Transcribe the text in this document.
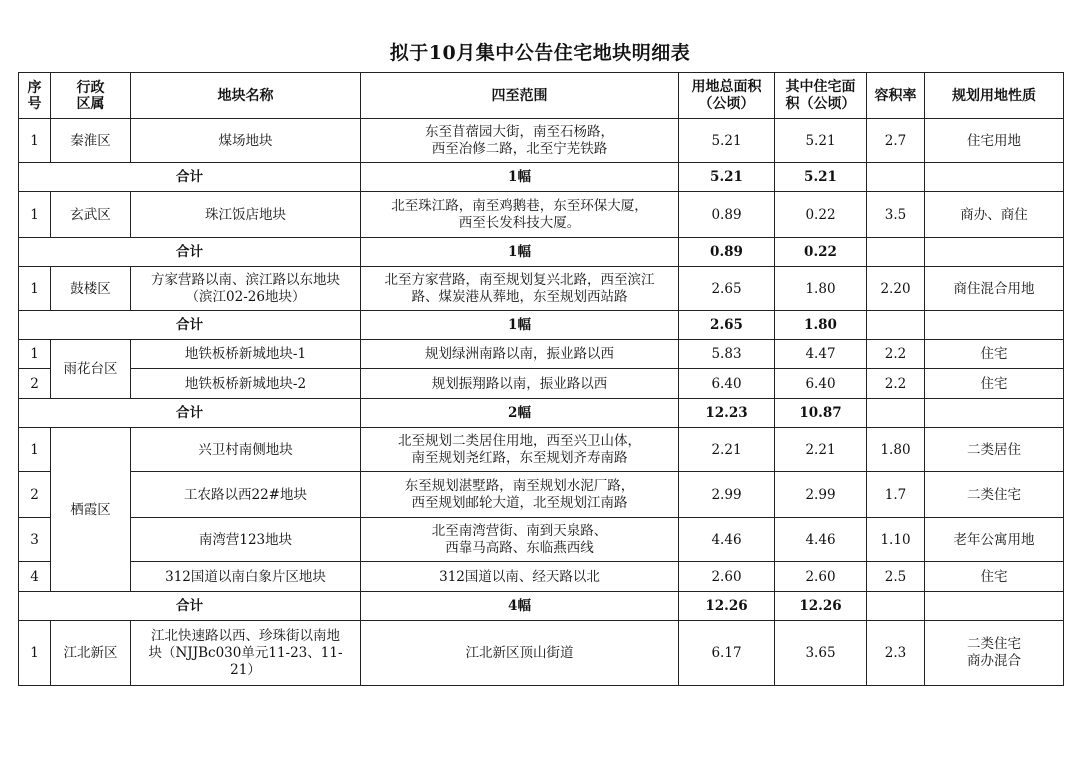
拟于10月集中公告住宅地块明细表
序
号	行政
区属	地块名称	四至范围	用地总面积
（公顷）	其中住宅面
积（公顷）	容积率	规划用地性质
1	秦淮区	煤场地块	东至苜蓿园大街，南至石杨路，
西至冶修二路，北至宁芜铁路	5.21	5.21	2.7	住宅用地
合计			1幅	5.21	5.21		
1	玄武区	珠江饭店地块	北至珠江路，南至鸡鹅巷，东至环保大厦，
西至长发科技大厦。	0.89	0.22	3.5	商办、商住
合计			1幅	0.89	0.22		
1	鼓楼区	方家营路以南、滨江路以东地块
（滨江02-26地块）	北至方家营路，南至规划复兴北路，西至滨江
路、煤炭港从葬地，东至规划西站路	2.65	1.80	2.20	商住混合用地
合计			1幅	2.65	1.80		
1	雨花台区	地铁板桥新城地块-1	规划绿洲南路以南，振业路以西	5.83	4.47	2.2	住宅
2		地铁板桥新城地块-2	规划振翔路以南，振业路以西	6.40	6.40	2.2	住宅
合计			2幅	12.23	10.87		
1	栖霞区	兴卫村南侧地块	北至规划二类居住用地，西至兴卫山体，
南至规划尧红路，东至规划齐寿南路	2.21	2.21	1.80	二类居住
2		工农路以西22#地块	东至规划湛墅路，南至规划水泥厂路，
西至规划邮轮大道，北至规划江南路	2.99	2.99	1.7	二类住宅
3		南湾营123地块	北至南湾营街、南到天泉路、
西靠马高路、东临燕西线	4.46	4.46	1.10	老年公寓用地
4		312国道以南白象片区地块	312国道以南、经天路以北	2.60	2.60	2.5	住宅
合计			4幅	12.26	12.26		
1	江北新区	江北快速路以西、珍珠街以南地
块（NJJBc030单元11-23、11-
21）	江北新区顶山街道	6.17	3.65	2.3	二类住宅
商办混合
